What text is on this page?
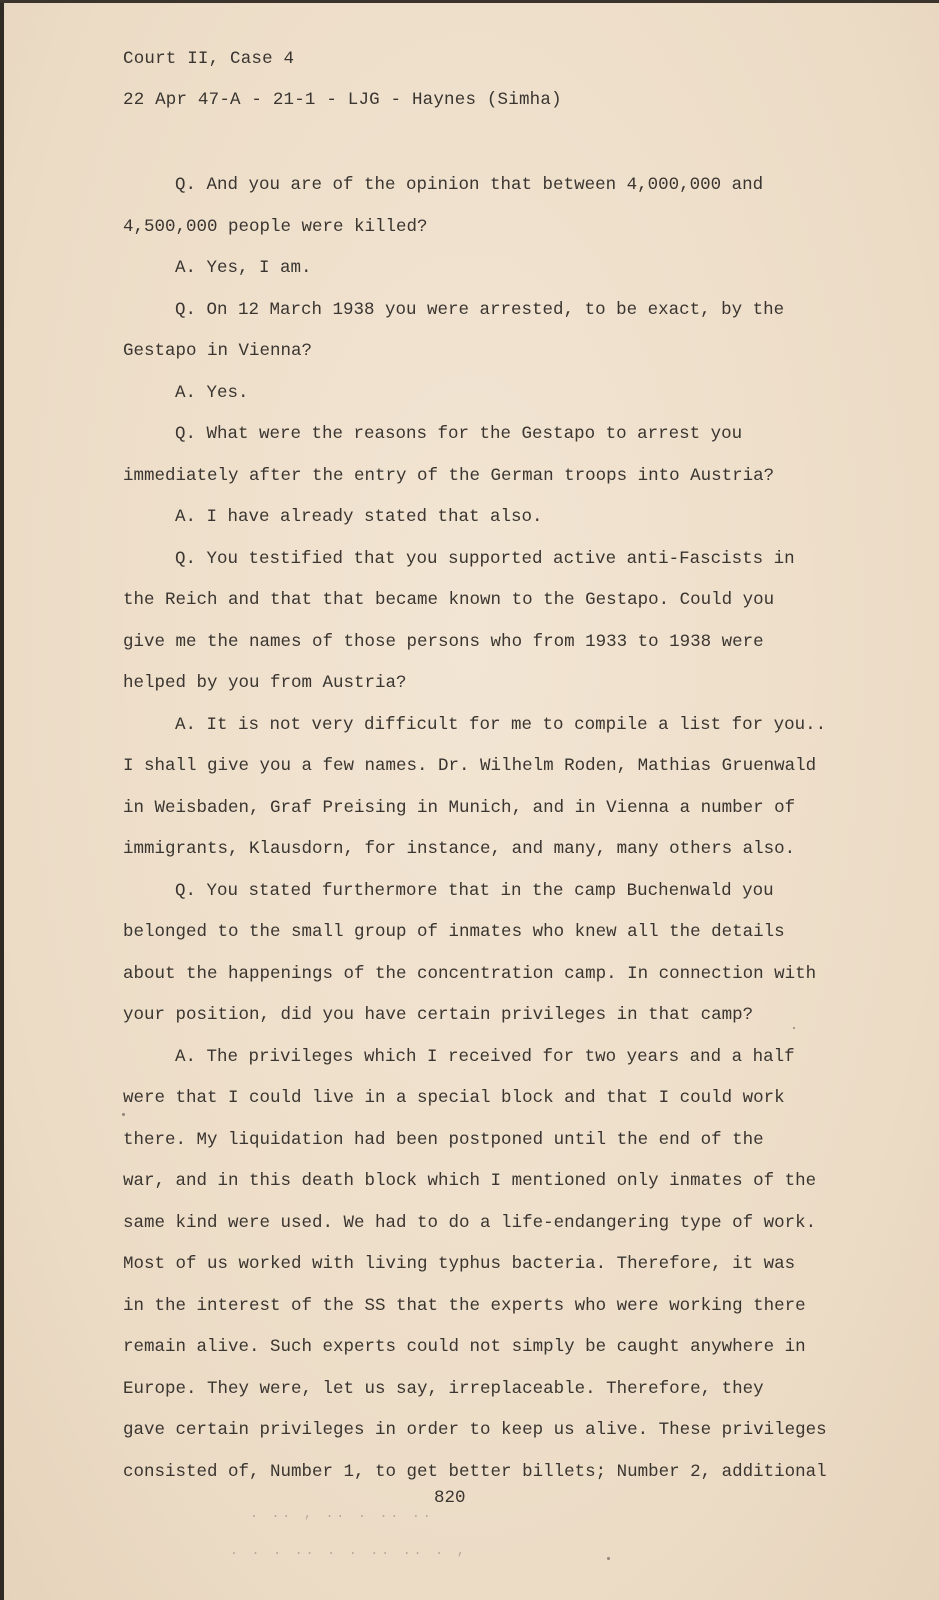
Court II, Case 4
22 Apr 47-A - 21-1 - LJG - Haynes (Simha)
Q. And you are of the opinion that between 4,000,000 and
4,500,000 people were killed?
A. Yes, I am.
Q. On 12 March 1938 you were arrested, to be exact, by the
Gestapo in Vienna?
A. Yes.
Q. What were the reasons for the Gestapo to arrest you
immediately after the entry of the German troops into Austria?
A. I have already stated that also.
Q. You testified that you supported active anti-Fascists in
the Reich and that that became known to the Gestapo. Could you
give me the names of those persons who from 1933 to 1938 were
helped by you from Austria?
A. It is not very difficult for me to compile a list for you..
I shall give you a few names. Dr. Wilhelm Roden, Mathias Gruenwald
in Weisbaden, Graf Preising in Munich, and in Vienna a number of
immigrants, Klausdorn, for instance, and many, many others also.
Q. You stated furthermore that in the camp Buchenwald you
belonged to the small group of inmates who knew all the details
about the happenings of the concentration camp. In connection with
your position, did you have certain privileges in that camp?
A. The privileges which I received for two years and a half
were that I could live in a special block and that I could work
there. My liquidation had been postponed until the end of the
war, and in this death block which I mentioned only inmates of the
same kind were used. We had to do a life-endangering type of work.
Most of us worked with living typhus bacteria. Therefore, it was
in the interest of the SS that the experts who were working there
remain alive. Such experts could not simply be caught anywhere in
Europe. They were, let us say, irreplaceable. Therefore, they
gave certain privileges in order to keep us alive. These privileges
consisted of, Number 1, to get better billets; Number 2, additional
820
. .. , .. . .. ..
. . . .. . . .. .. . ,
